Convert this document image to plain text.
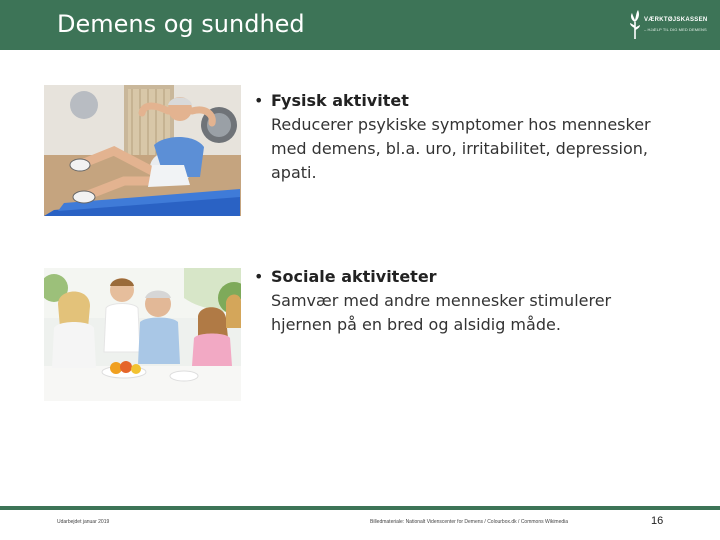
Demens og sundhed	VÆRKTØJSKASSEN
– HJÆLP TIL DIG MED DEMENS
• Fysisk aktivitet
Reducerer psykiske symptomer hos mennesker med demens, bl.a. uro, irritabilitet, depression, apati.
• Sociale aktiviteter
Samvær med andre mennesker stimulerer hjernen på en bred og alsidig måde.
Udarbejdet januar 2019	Billedmateriale: Nationalt Videnscenter for Demens / Colourbox.dk / Commons Wikimedia	16
